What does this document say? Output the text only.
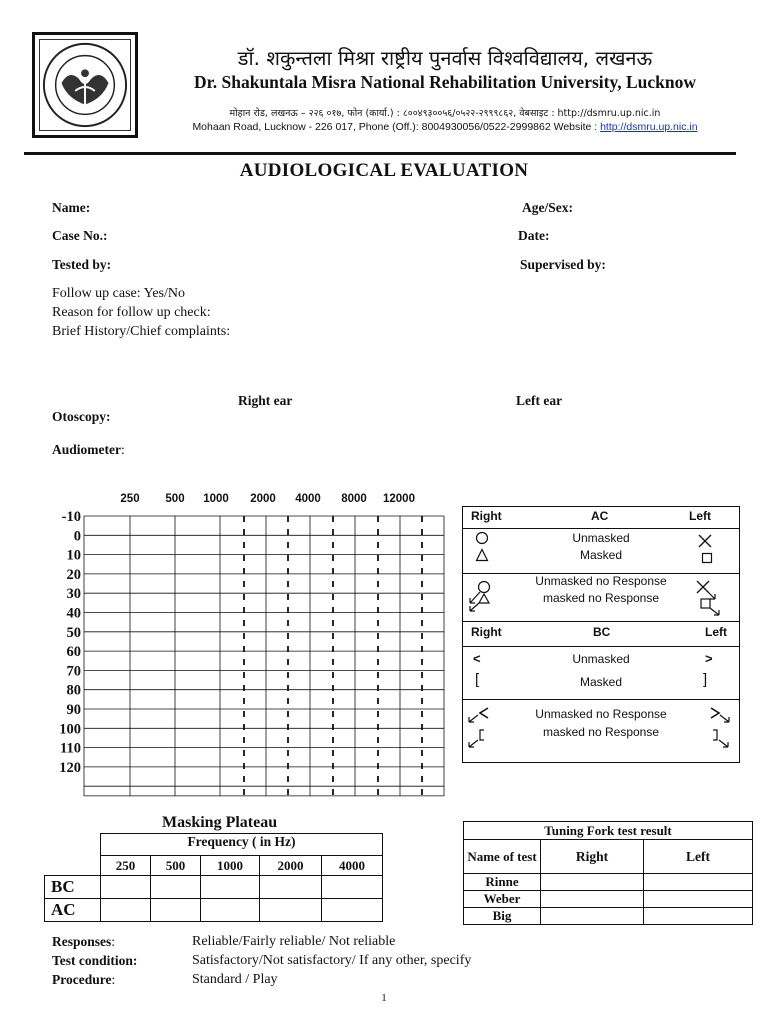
डॉ. शकुन्तला मिश्रा राष्ट्रीय पुनर्वास विश्वविद्यालय, लखनऊ
Dr. Shakuntala Misra National Rehabilitation University, Lucknow
मोहान रोड, लखनऊ – २२६ ०१७, फोन (कार्या.) : ८००४९३००५६/०५२२-२९९९८६२, वेबसाइट : http://dsmru.up.nic.in
Mohaan Road, Lucknow - 226 017, Phone (Off.): 8004930056/0522-2999862 Website : http://dsmru.up.nic.in
AUDIOLOGICAL EVALUATION
Name:	Age/Sex:
Case No.:	Date:
Tested by:	Supervised by:
Follow up case: Yes/No
Reason for follow up check:
Brief History/Chief complaints:
Right ear	Left ear
Otoscopy:
Audiometer:
250 500 1000 2000 4000 8000 12000
-10
0
10
20
30
40
50
60
70
80
90
100
110
120
Right	AC	Left
Unmasked
Masked
Unmasked no Response
masked no Response
Right	BC	Left
<	Unmasked	>
[	Masked	]
Unmasked no Response
masked no Response
Masking Plateau
	Frequency ( in Hz)				
	250	500	1000	2000	4000
BC					
AC					
Tuning Fork test result		
Name of test	Right	Left
Rinne		
Weber		
Big		
Responses:	Reliable/Fairly reliable/ Not reliable
Test condition:	Satisfactory/Not satisfactory/ If any other, specify
Procedure:	Standard / Play
1
